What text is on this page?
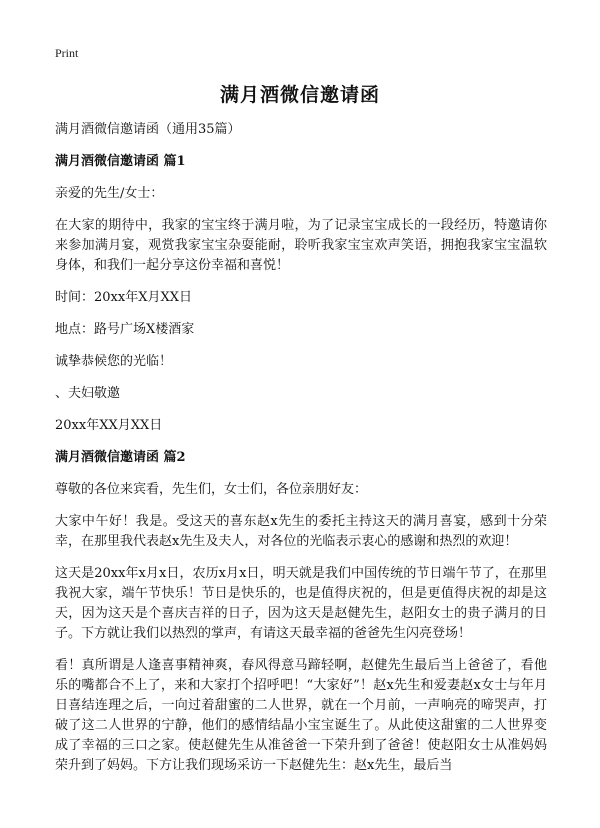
Print
满月酒微信邀请函

满月酒微信邀请函（通用35篇）

满月酒微信邀请函 篇1

亲爱的先生/女士：

在大家的期待中，我家的宝宝终于满月啦，为了记录宝宝成长的一段经历，特邀请你来参加满月宴，观赏我家宝宝杂耍能耐，聆听我家宝宝欢声笑语，拥抱我家宝宝温软身体，和我们一起分享这份幸福和喜悦！

时间：20xx年X月XX日

地点：路号广场X楼酒家

诚挚恭候您的光临！

、夫妇敬邀

20xx年XX月XX日

满月酒微信邀请函 篇2

尊敬的各位来宾看，先生们，女士们，各位亲朋好友：

大家中午好！我是。受这天的喜东赵x先生的委托主持这天的满月喜宴，感到十分荣幸，在那里我代表赵x先生及夫人，对各位的光临表示衷心的感谢和热烈的欢迎！

这天是20xx年x月x日，农历x月x日，明天就是我们中国传统的节日端午节了，在那里我祝大家，端午节快乐！节日是快乐的，也是值得庆祝的，但是更值得庆祝的却是这天，因为这天是个喜庆吉祥的日子，因为这天是赵健先生，赵阳女士的贵子满月的日子。下方就让我们以热烈的掌声，有请这天最幸福的爸爸先生闪亮登场！

看！真所谓是人逢喜事精神爽，春风得意马蹄轻啊，赵健先生最后当上爸爸了，看他乐的嘴都合不上了，来和大家打个招呼吧！“大家好”！赵x先生和爱妻赵x女士与年月日喜结连理之后，一向过着甜蜜的二人世界，就在一个月前，一声响亮的啼哭声，打破了这二人世界的宁静，他们的感情结晶小宝宝诞生了。从此使这甜蜜的二人世界变成了幸福的三口之家。使赵健先生从准爸爸一下荣升到了爸爸！使赵阳女士从准妈妈荣升到了妈妈。下方让我们现场采访一下赵健先生：赵x先生，最后当
